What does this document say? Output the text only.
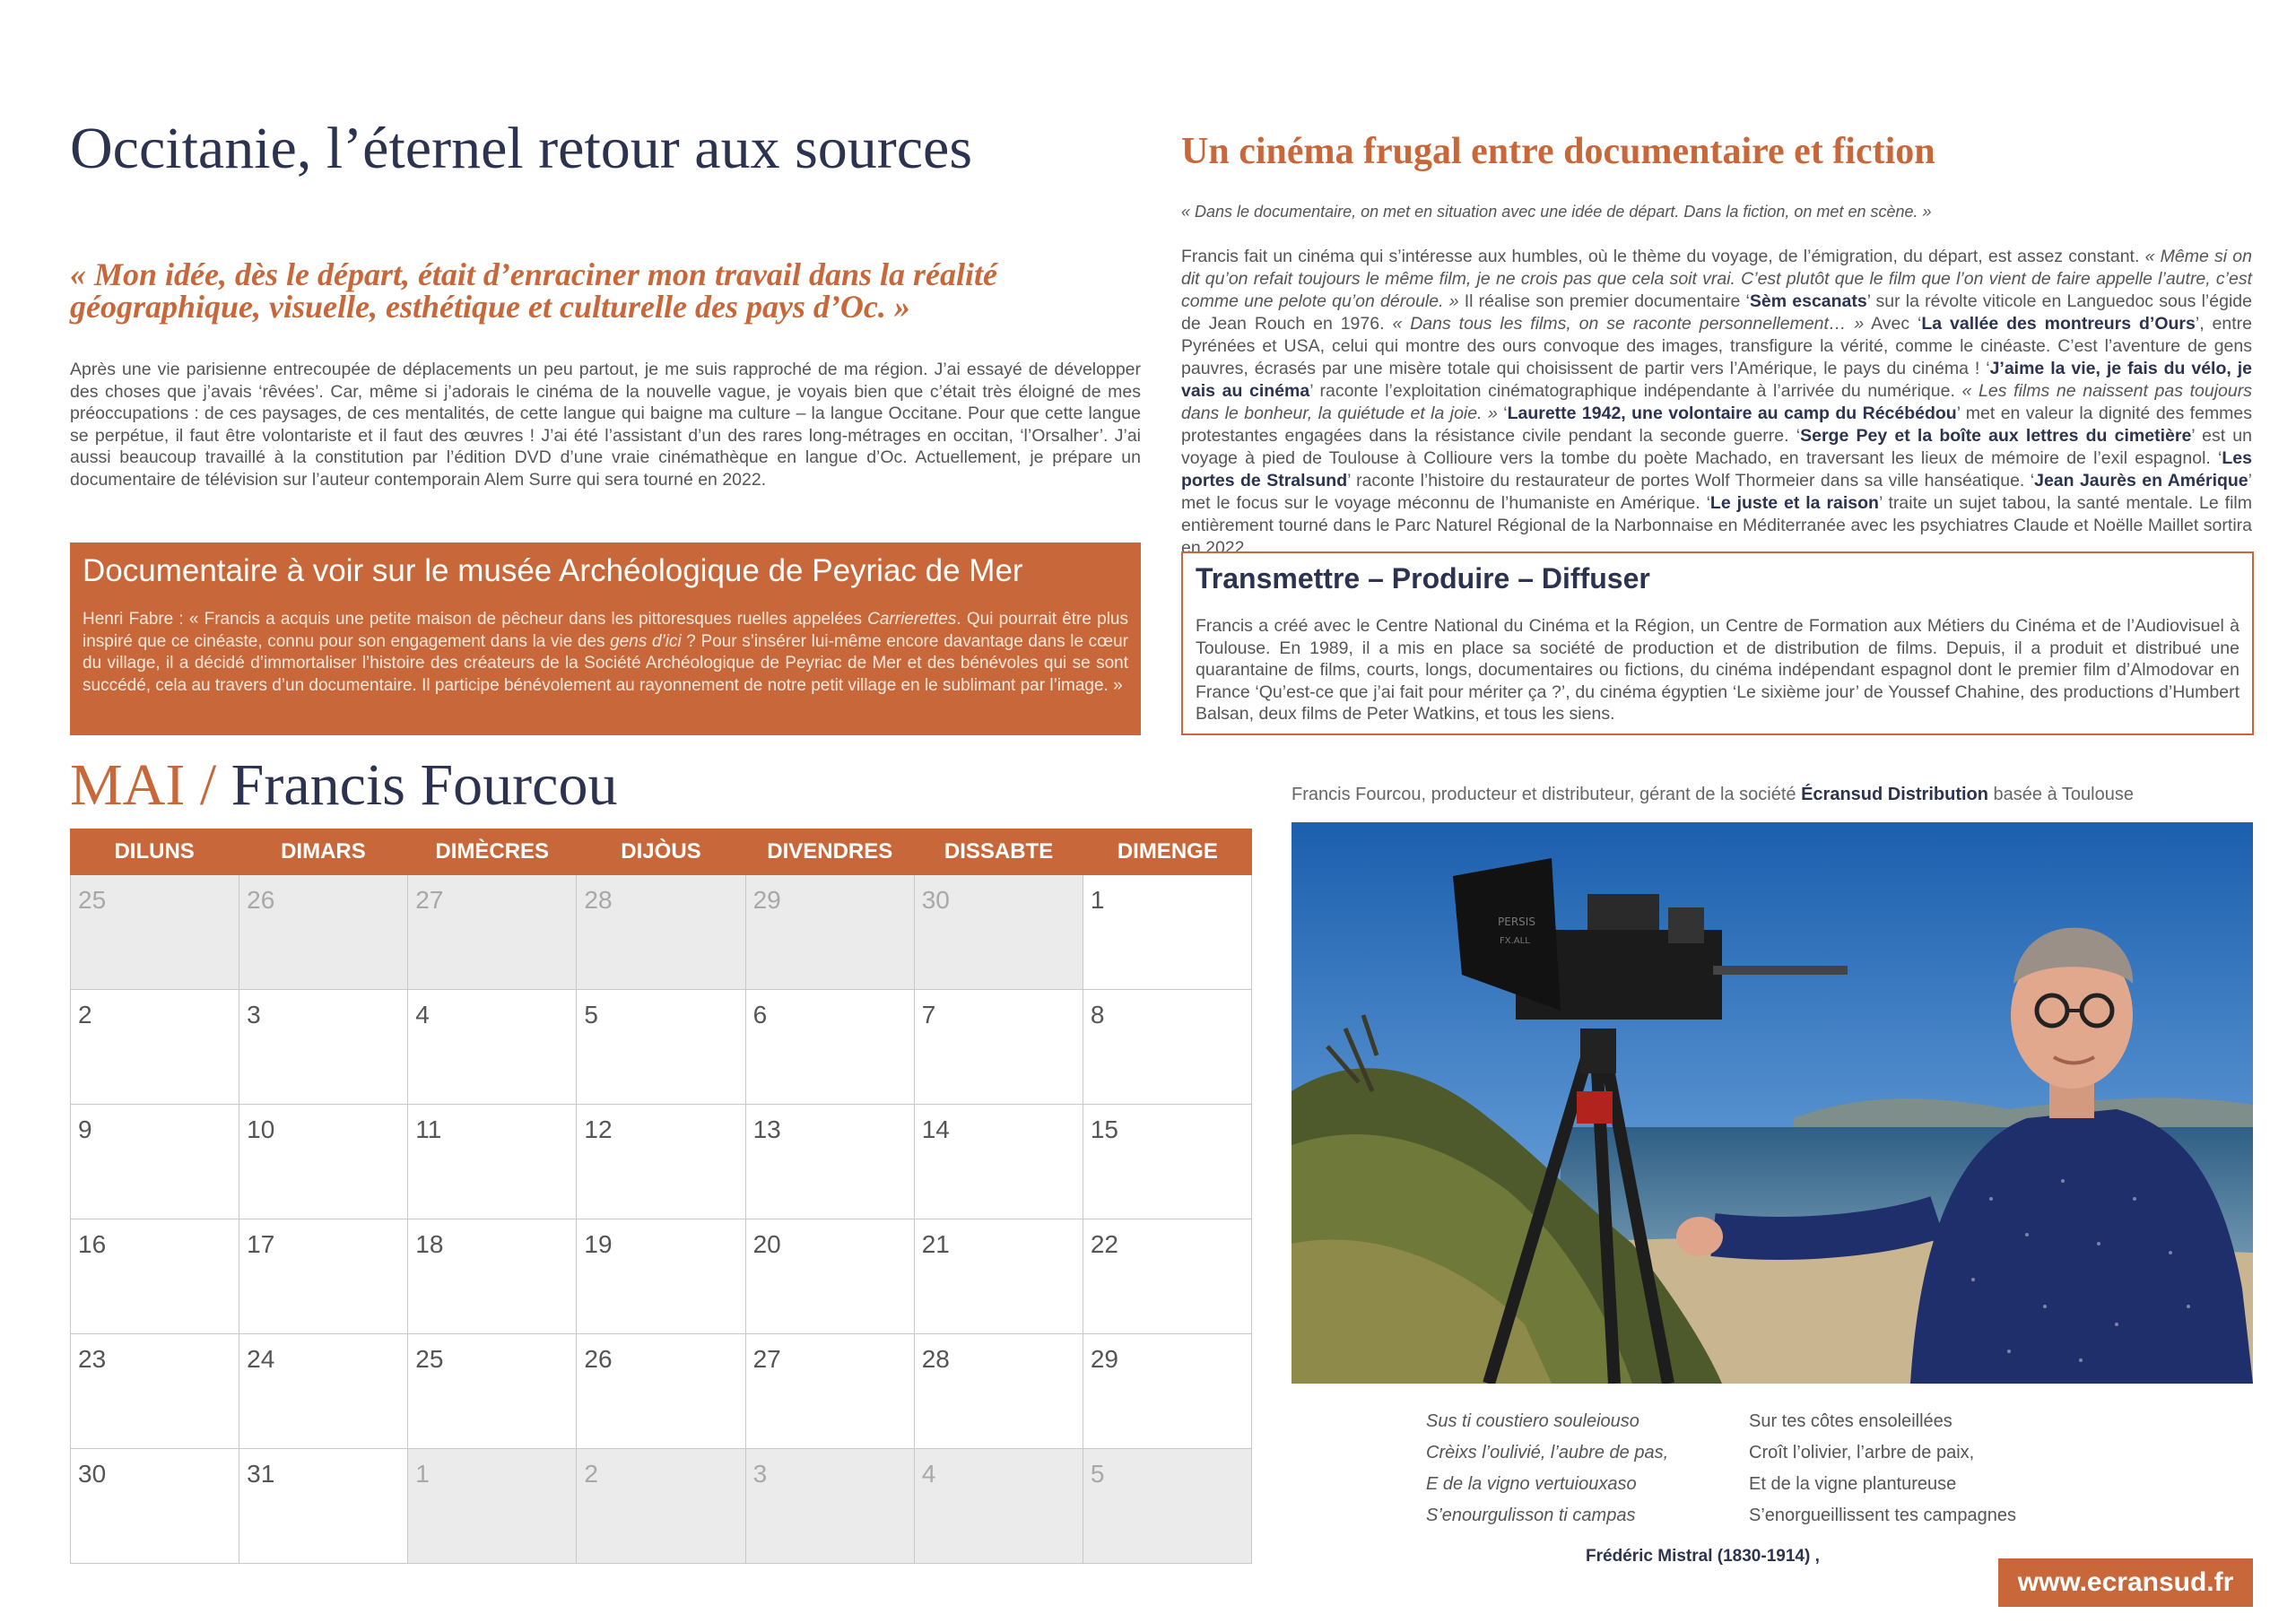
Occitanie, l’éternel retour aux sources
« Mon idée, dès le départ, était d’enraciner mon travail dans la réalité géographique, visuelle, esthétique et culturelle des pays d’Oc. »
Après une vie parisienne entrecoupée de déplacements un peu partout, je me suis rapproché de ma région. J’ai essayé de développer des choses que j’avais ‘rêvées’. Car, même si j’adorais le cinéma de la nouvelle vague, je voyais bien que c’était très éloigné de mes préoccupations : de ces paysages, de ces mentalités, de cette langue qui baigne ma culture – la langue Occitane. Pour que cette langue se perpétue, il faut être volontariste et il faut des œuvres ! J’ai été l’assistant d’un des rares long-métrages en occitan, ‘l’Orsalher’. J’ai aussi beaucoup travaillé à la constitution par l’édition DVD d’une vraie cinémathèque en langue d’Oc. Actuellement, je prépare un documentaire de télévision sur l’auteur contemporain Alem Surre qui sera tourné en 2022.
Documentaire à voir sur le musée Archéologique de Peyriac de Mer
Henri Fabre : « Francis a acquis une petite maison de pêcheur dans les pittoresques ruelles appelées Carrierettes. Qui pourrait être plus inspiré que ce cinéaste, connu pour son engagement dans la vie des gens d’ici ? Pour s’insérer lui-même encore davantage dans le cœur du village, il a décidé d’immortaliser l’histoire des créateurs de la Société Archéologique de Peyriac de Mer et des bénévoles qui se sont succédé, cela au travers d’un documentaire. Il participe bénévolement au rayonnement de notre petit village en le sublimant par l’image. »
Un cinéma frugal entre documentaire et fiction
« Dans le documentaire, on met en situation avec une idée de départ. Dans la fiction, on met en scène. »
Francis fait un cinéma qui s’intéresse aux humbles, où le thème du voyage, de l’émigration, du départ, est assez constant. « Même si on dit qu’on refait toujours le même film, je ne crois pas que cela soit vrai. C’est plutôt que le film que l’on vient de faire appelle l’autre, c’est comme une pelote qu’on déroule. » Il réalise son premier documentaire ‘Sèm escanats’ sur la révolte viticole en Languedoc sous l’égide de Jean Rouch en 1976. « Dans tous les films, on se raconte personnellement… » Avec ‘La vallée des montreurs d’Ours’, entre Pyrénées et USA, celui qui montre des ours convoque des images, transfigure la vérité, comme le cinéaste. C’est l’aventure de gens pauvres, écrasés par une misère totale qui choisissent de partir vers l’Amérique, le pays du cinéma ! ‘J’aime la vie, je fais du vélo, je vais au cinéma’ raconte l’exploitation cinématographique indépendante à l’arrivée du numérique. « Les films ne naissent pas toujours dans le bonheur, la quiétude et la joie. » ‘Laurette 1942, une volontaire au camp du Récébédou’ met en valeur la dignité des femmes protestantes engagées dans la résistance civile pendant la seconde guerre. ‘Serge Pey et la boîte aux lettres du cimetière’ est un voyage à pied de Toulouse à Collioure vers la tombe du poète Machado, en traversant les lieux de mémoire de l’exil espagnol. ‘Les portes de Stralsund’ raconte l’histoire du restaurateur de portes Wolf Thormeier dans sa ville hanséatique. ‘Jean Jaurès en Amérique’ met le focus sur le voyage méconnu de l’humaniste en Amérique. ‘Le juste et la raison’ traite un sujet tabou, la santé mentale. Le film entièrement tourné dans le Parc Naturel Régional de la Narbonnaise en Méditerranée avec les psychiatres Claude et Noëlle Maillet sortira en 2022.
Transmettre – Produire – Diffuser
Francis a créé avec le Centre National du Cinéma et la Région, un Centre de Formation aux Métiers du Cinéma et de l’Audiovisuel à Toulouse. En 1989, il a mis en place sa société de production et de distribution de films. Depuis, il a produit et distribué une quarantaine de films, courts, longs, documentaires ou fictions, du cinéma indépendant espagnol dont le premier film d’Almodovar en France ‘Qu’est-ce que j’ai fait pour mériter ça ?’, du cinéma égyptien ‘Le sixième jour’ de Youssef Chahine, des productions d’Humbert Balsan, deux films de Peter Watkins, et tous les siens.
MAI / Francis Fourcou
DILUNS	DIMARS	DIMÈCRES	DIJÒUS	DIVENDRES	DISSABTE	DIMENGE
25	26	27	28	29	30	1
2	3	4	5	6	7	8
9	10	11	12	13	14	15
16	17	18	19	20	21	22
23	24	25	26	27	28	29
30	31	1	2	3	4	5
Francis Fourcou, producteur et distributeur, gérant de la société Écransud Distribution basée à Toulouse
PERSIS
FX.ALL
Sus ti coustiero souleiouso
Crèixs l’oulivié, l’aubre de pas,
E de la vigno vertuiouxaso
S’enourgulisson ti campas
Sur tes côtes ensoleillées
Croît l’olivier, l’arbre de paix,
Et de la vigne plantureuse
S’enorgueillissent tes campagnes
Frédéric Mistral (1830-1914) ,
www.ecransud.fr
